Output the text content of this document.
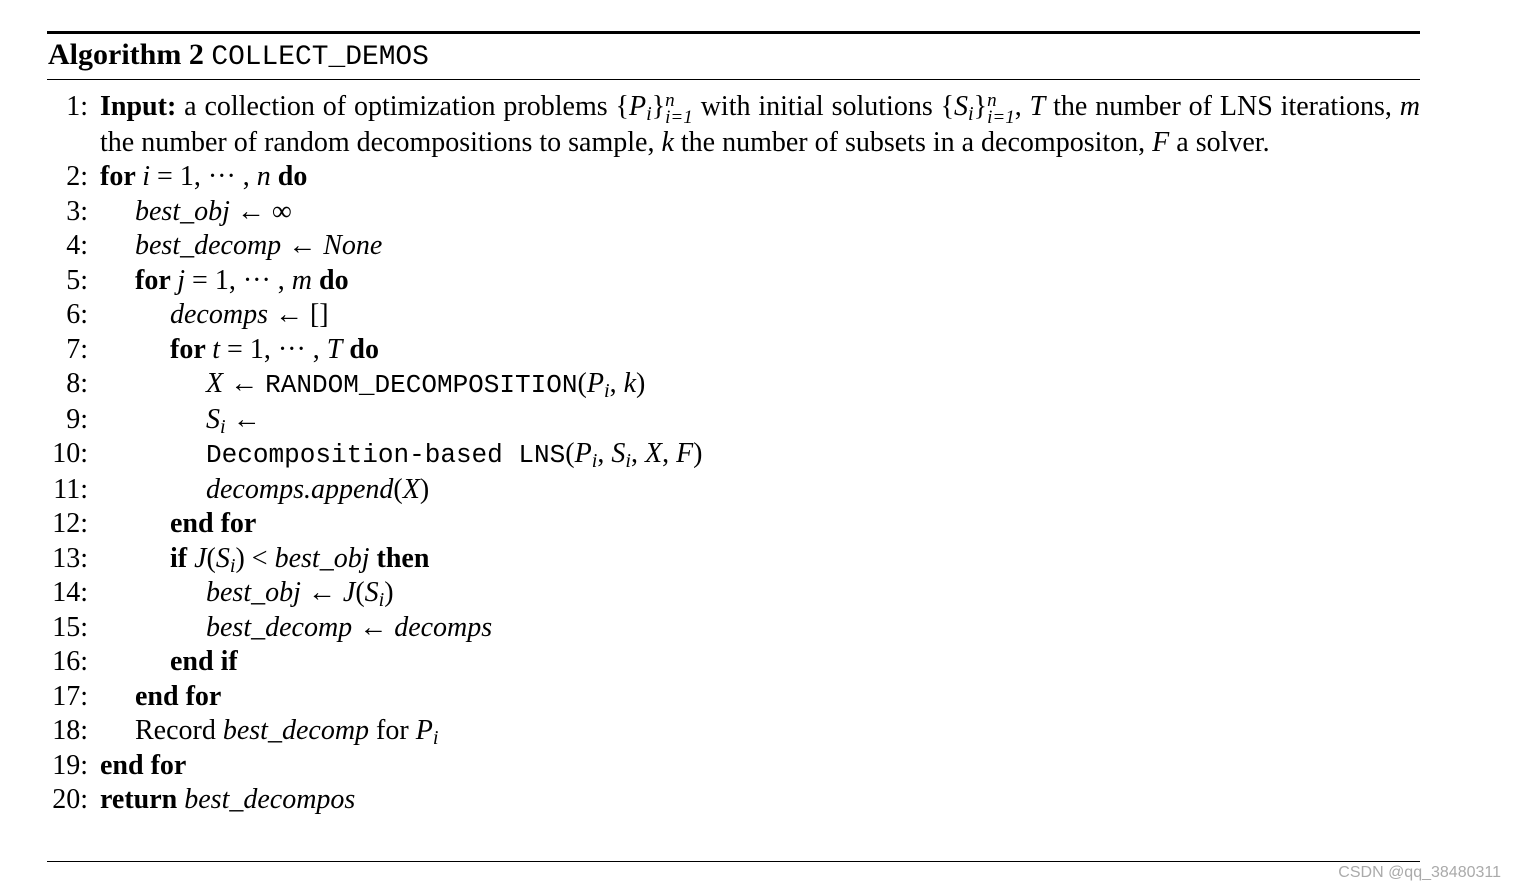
Algorithm 2 COLLECT_DEMOS
1: Input: a collection of optimization problems $\{P_i\}$ n
i=1 with initial solutions $\{S_i\}$ n
i=1 , T the number of LNS iterations, m the number of random decompositions to sample, k the number of subsets in a decompositon, F a solver.
2: for i = 1, ··· , n do
3: best_obj ← ∞
4: best_decomp ← None
5: for j = 1, ··· , m do
6:	decomps ← []
7:	for t = 1, ··· , T do
8:	X ← $RANDOM\_DECOMPOSITION(P_i$, k)
9:	$S_i$ ←
10:	Decomposition-based $LNS(P_i$, $S_i$, X, F)
11:	decomps.append(X)
12:	end for
13:	if $J(S_i)$ < best_obj then
14:	best_obj ← $J(S_i)$
15:	best_decomp ← decomps
16:	end if
17: end for
18: Record best_decomp for $P_i$
19: end for
20: return best_decompos
CSDN @qq_38480311
